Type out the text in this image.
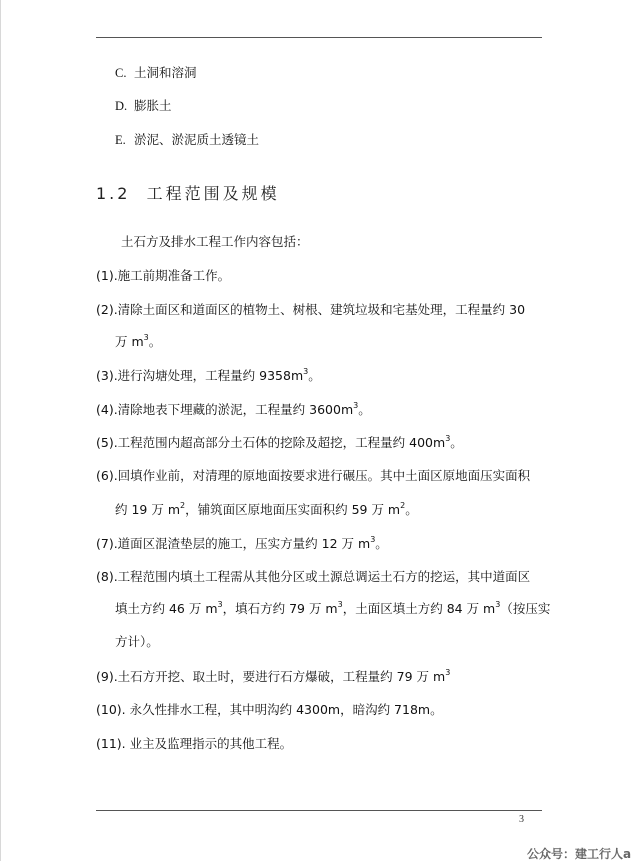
C. 土洞和溶洞
D. 膨胀土
E. 淤泥、淤泥质土透镜土
1.2 工程范围及规模
土石方及排水工程工作内容包括：
(1).施工前期准备工作。
(2).清除土面区和道面区的植物土、树根、建筑垃圾和宅基处理，工程量约 30
万 $m^3$。
(3).进行沟塘处理，工程量约 $9358m^3$。
(4).清除地表下埋藏的淤泥，工程量约 $3600m^3$。
(5).工程范围内超高部分土石体的挖除及超挖，工程量约 $400m^3$。
(6).回填作业前，对清理的原地面按要求进行碾压。其中土面区原地面压实面积
约 19 万 $m^2$，铺筑面区原地面压实面积约 59 万 $m^2$。
(7).道面区混渣垫层的施工，压实方量约 12 万 $m^3$。
(8).工程范围内填土工程需从其他分区或土源总调运土石方的挖运，其中道面区
填土方约 46 万 $m^3$，填石方约 79 万 $m^3$，土面区填土方约 84 万 $m^3$（按压实
方计）。
(9).土石方开挖、取土时，要进行石方爆破，工程量约 79 万 $m^3$
(10). 永久性排水工程，其中明沟约 4300m，暗沟约 718m。
(11). 业主及监理指示的其他工程。
3
公众号：建工行人a
